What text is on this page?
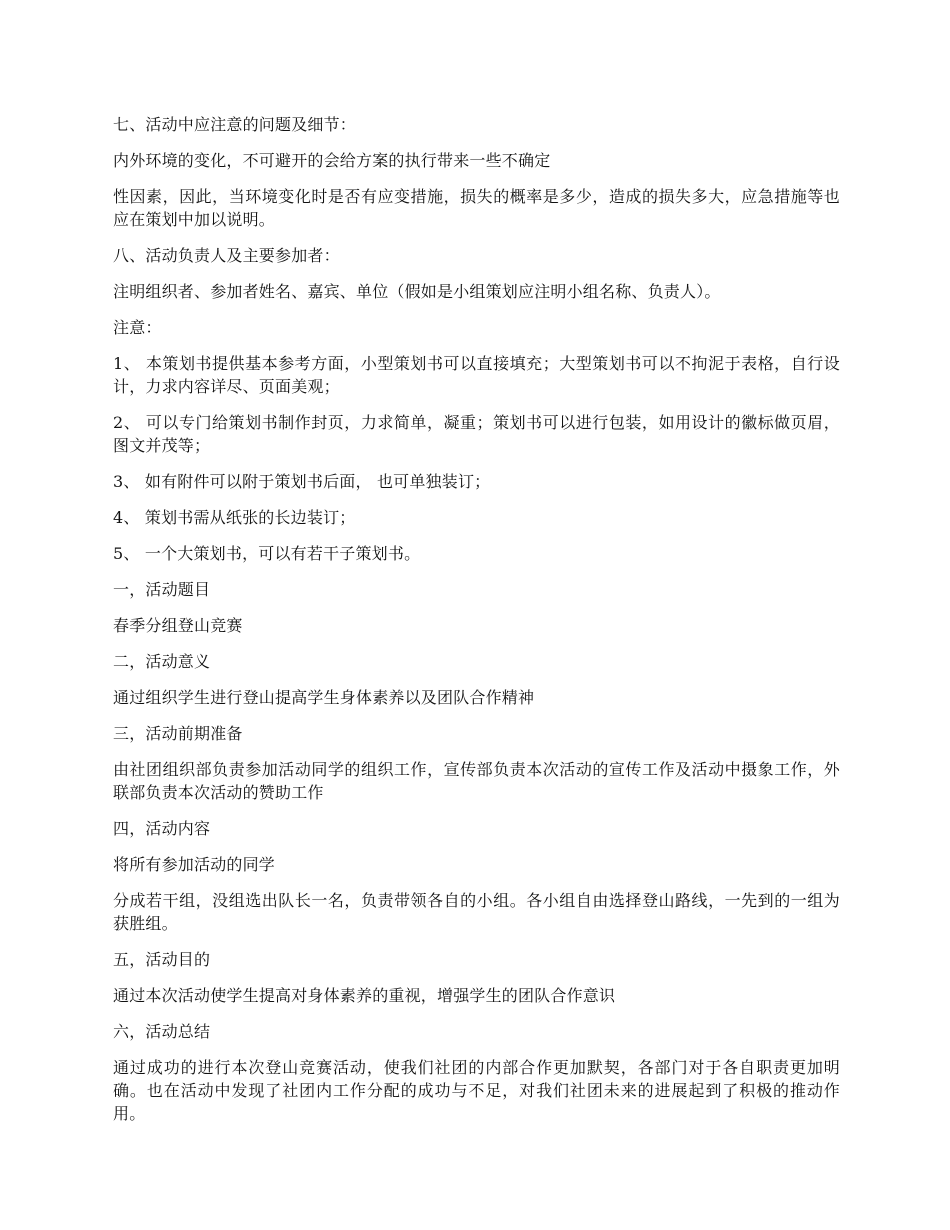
七、活动中应注意的问题及细节：

内外环境的变化，不可避开的会给方案的执行带来一些不确定

性因素，因此，当环境变化时是否有应变措施，损失的概率是多少，造成的损失多大，应急措施等也应在策划中加以说明。

八、活动负责人及主要参加者：

注明组织者、参加者姓名、嘉宾、单位（假如是小组策划应注明小组名称、负责人）。

注意：

1、 本策划书提供基本参考方面，小型策划书可以直接填充；大型策划书可以不拘泥于表格，自行设计，力求内容详尽、页面美观；

2、 可以专门给策划书制作封页，力求简单，凝重；策划书可以进行包装，如用设计的徽标做页眉，图文并茂等；

3、 如有附件可以附于策划书后面， 也可单独装订；

4、 策划书需从纸张的长边装订；

5、 一个大策划书，可以有若干子策划书。

一，活动题目

春季分组登山竞赛

二，活动意义

通过组织学生进行登山提高学生身体素养以及团队合作精神

三，活动前期准备

由社团组织部负责参加活动同学的组织工作，宣传部负责本次活动的宣传工作及活动中摄象工作，外联部负责本次活动的赞助工作

四，活动内容

将所有参加活动的同学

分成若干组，没组选出队长一名，负责带领各自的小组。各小组自由选择登山路线，一先到的一组为获胜组。

五，活动目的

通过本次活动使学生提高对身体素养的重视，增强学生的团队合作意识

六，活动总结

通过成功的进行本次登山竞赛活动，使我们社团的内部合作更加默契，各部门对于各自职责更加明确。也在活动中发现了社团内工作分配的成功与不足，对我们社团未来的进展起到了积极的推动作用。
